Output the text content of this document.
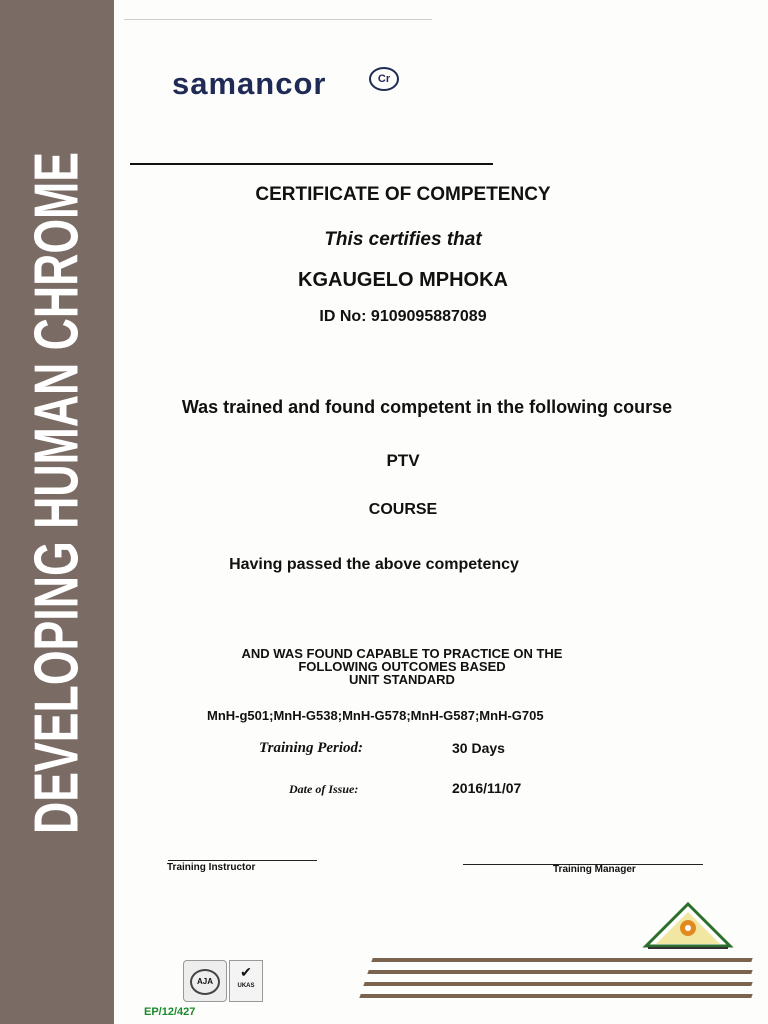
DEVELOPING HUMAN CHROME
samancor	Cr
CERTIFICATE OF COMPETENCY
This certifies that
KGAUGELO MPHOKA
ID No: 9109095887089
Was trained and found competent in the following course
PTV
COURSE
Having passed the above competency
AND WAS FOUND CAPABLE TO PRACTICE ON THE
FOLLOWING OUTCOMES BASED
UNIT STANDARD
MnH-g501;MnH-G538;MnH-G578;MnH-G587;MnH-G705
Training Period:	30 Days
Date of Issue:	2016/11/07
Training Instructor	Training Manager
AJA
✔
UKAS
EP/12/427
